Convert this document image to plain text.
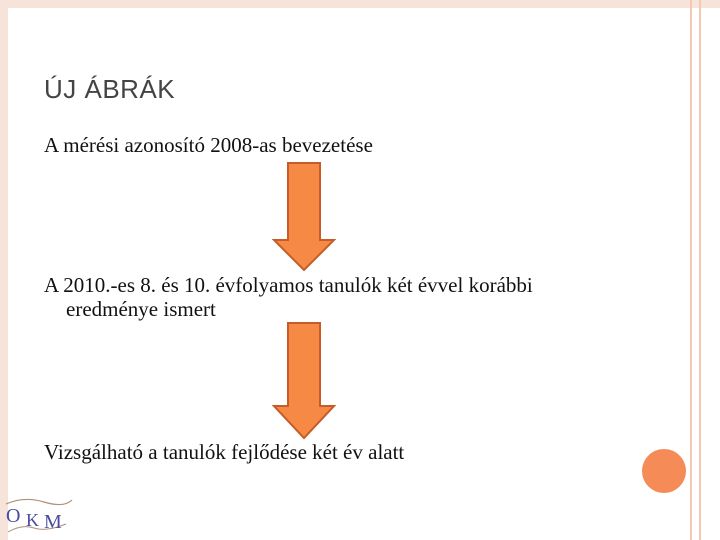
ÚJ ÁBRÁK
A mérési azonosító 2008-as bevezetése
A 2010.-es 8. és 10. évfolyamos tanulók két évvel korábbi
eredménye ismert
Vizsgálható a tanulók fejlődése két év alatt
O K M
